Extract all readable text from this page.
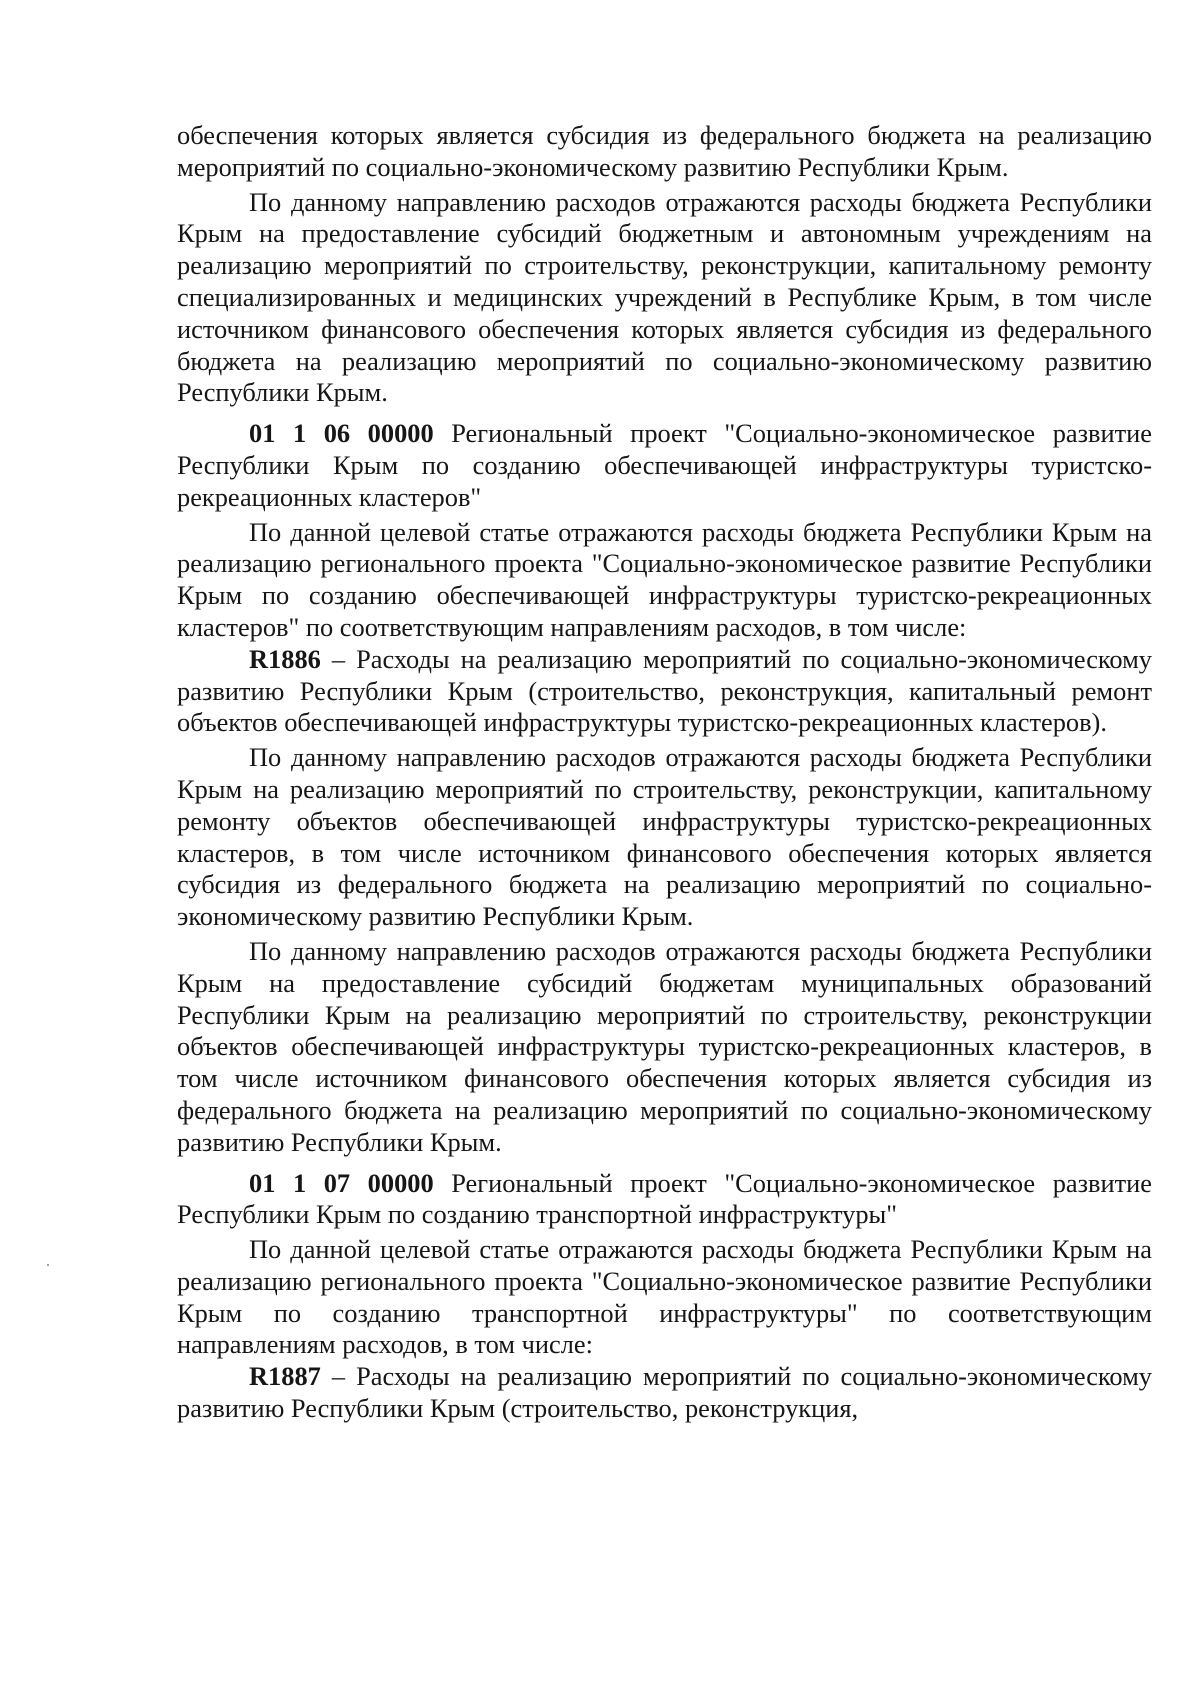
обеспечения которых является субсидия из федерального бюджета на реализацию мероприятий по социально-экономическому развитию Республики Крым.

По данному направлению расходов отражаются расходы бюджета Республики Крым на предоставление субсидий бюджетным и автономным учреждениям на реализацию мероприятий по строительству, реконструкции, капитальному ремонту специализированных и медицинских учреждений в Республике Крым, в том числе источником финансового обеспечения которых является субсидия из федерального бюджета на реализацию мероприятий по социально-экономическому развитию Республики Крым.

01 1 06 00000 Региональный проект "Социально-экономическое развитие Республики Крым по созданию обеспечивающей инфраструктуры туристско-рекреационных кластеров"

По данной целевой статье отражаются расходы бюджета Республики Крым на реализацию регионального проекта "Социально-экономическое развитие Республики Крым по созданию обеспечивающей инфраструктуры туристско-рекреационных кластеров" по соответствующим направлениям расходов, в том числе:

R1886 – Расходы на реализацию мероприятий по социально-экономическому развитию Республики Крым (строительство, реконструкция, капитальный ремонт объектов обеспечивающей инфраструктуры туристско-рекреационных кластеров).

По данному направлению расходов отражаются расходы бюджета Республики Крым на реализацию мероприятий по строительству, реконструкции, капитальному ремонту объектов обеспечивающей инфраструктуры туристско-рекреационных кластеров, в том числе источником финансового обеспечения которых является субсидия из федерального бюджета на реализацию мероприятий по социально-экономическому развитию Республики Крым.

По данному направлению расходов отражаются расходы бюджета Республики Крым на предоставление субсидий бюджетам муниципальных образований Республики Крым на реализацию мероприятий по строительству, реконструкции объектов обеспечивающей инфраструктуры туристско-рекреационных кластеров, в том числе источником финансового обеспечения которых является субсидия из федерального бюджета на реализацию мероприятий по социально-экономическому развитию Республики Крым.

01 1 07 00000 Региональный проект "Социально-экономическое развитие Республики Крым по созданию транспортной инфраструктуры"

По данной целевой статье отражаются расходы бюджета Республики Крым на реализацию регионального проекта "Социально-экономическое развитие Республики Крым по созданию транспортной инфраструктуры" по соответствующим направлениям расходов, в том числе:

R1887 – Расходы на реализацию мероприятий по социально-экономическому развитию Республики Крым (строительство, реконструкция,
